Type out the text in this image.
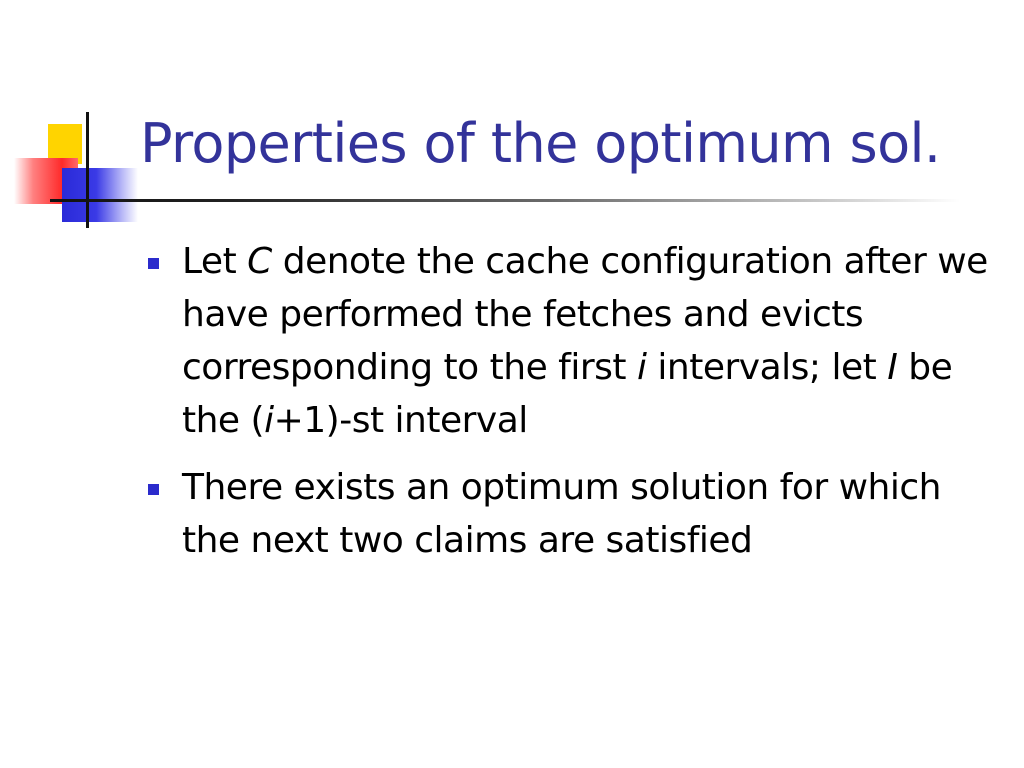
Properties of the optimum sol.
Let C denote the cache configuration after we have performed the fetches and evicts corresponding to the first i intervals; let I be the (i+1)-st interval
There exists an optimum solution for which the next two claims are satisfied
